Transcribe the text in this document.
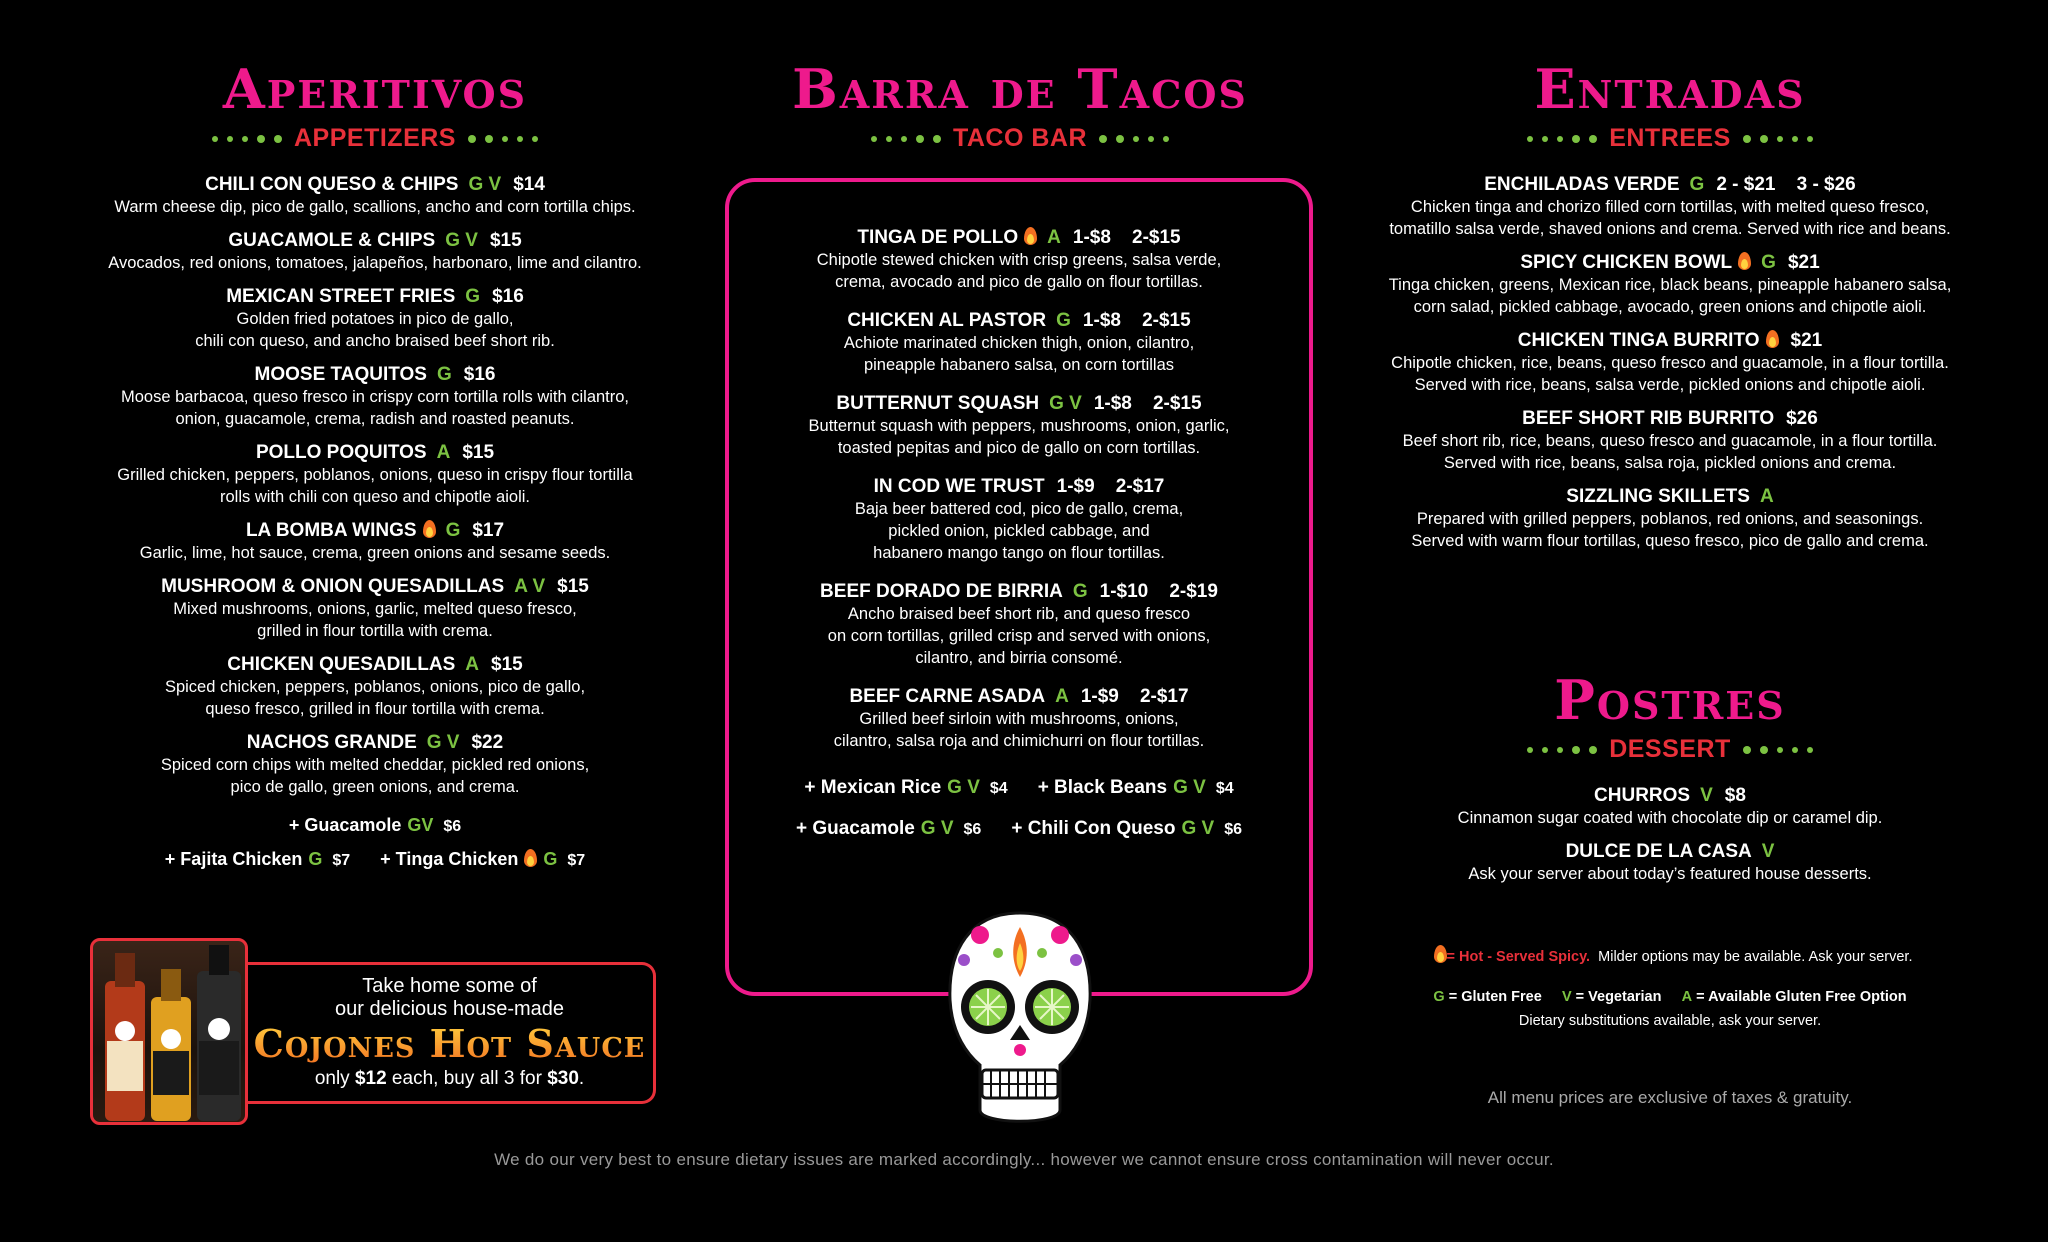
Aperitivos
APPETIZERS
CHILI CON QUESO & CHIPS G V $14
Warm cheese dip, pico de gallo, scallions, ancho and corn tortilla chips.
GUACAMOLE & CHIPS G V $15
Avocados, red onions, tomatoes, jalapeños, harbonaro, lime and cilantro.
MEXICAN STREET FRIES G $16
Golden fried potatoes in pico de gallo,
chili con queso, and ancho braised beef short rib.
MOOSE TAQUITOS G $16
Moose barbacoa, queso fresco in crispy corn tortilla rolls with cilantro,
onion, guacamole, crema, radish and roasted peanuts.
POLLO POQUITOS A $15
Grilled chicken, peppers, poblanos, onions, queso in crispy flour tortilla
rolls with chili con queso and chipotle aioli.
LA BOMBA WINGS G $17
Garlic, lime, hot sauce, crema, green onions and sesame seeds.
MUSHROOM & ONION QUESADILLAS A V $15
Mixed mushrooms, onions, garlic, melted queso fresco,
grilled in flour tortilla with crema.
CHICKEN QUESADILLAS A $15
Spiced chicken, peppers, poblanos, onions, pico de gallo,
queso fresco, grilled in flour tortilla with crema.
NACHOS GRANDE G V $22
Spiced corn chips with melted cheddar, pickled red onions,
pico de gallo, green onions, and crema.
+ Guacamole GV $6
+ Fajita Chicken G $7 + Tinga Chicken G $7
Barra de Tacos
TACO BAR
TINGA DE POLLO A 1-$8    2-$15
Chipotle stewed chicken with crisp greens, salsa verde,
crema, avocado and pico de gallo on flour tortillas.
CHICKEN AL PASTOR G 1-$8    2-$15
Achiote marinated chicken thigh, onion, cilantro,
pineapple habanero salsa, on corn tortillas
BUTTERNUT SQUASH G V 1-$8    2-$15
Butternut squash with peppers, mushrooms, onion, garlic,
toasted pepitas and pico de gallo on corn tortillas.
IN COD WE TRUST 1-$9    2-$17
Baja beer battered cod, pico de gallo, crema,
pickled onion, pickled cabbage, and
habanero mango tango on flour tortillas.
BEEF DORADO DE BIRRIA G 1-$10    2-$19
Ancho braised beef short rib, and queso fresco
on corn tortillas, grilled crisp and served with onions,
cilantro, and birria consomé.
BEEF CARNE ASADA A 1-$9    2-$17
Grilled beef sirloin with mushrooms, onions,
cilantro, salsa roja and chimichurri on flour tortillas.
+ Mexican Rice G V $4 + Black Beans G V $4
+ Guacamole G V $6 + Chili Con Queso G V $6
Take home some of
our delicious house-made
Cojones Hot Sauce
only $12 each, buy all 3 for $30.
Entradas
ENTREES
ENCHILADAS VERDE G 2 - $21    3 - $26
Chicken tinga and chorizo filled corn tortillas, with melted queso fresco,
tomatillo salsa verde, shaved onions and crema. Served with rice and beans.
SPICY CHICKEN BOWL G $21
Tinga chicken, greens, Mexican rice, black beans, pineapple habanero salsa,
corn salad, pickled cabbage, avocado, green onions and chipotle aioli.
CHICKEN TINGA BURRITO $21
Chipotle chicken, rice, beans, queso fresco and guacamole, in a flour tortilla.
Served with rice, beans, salsa verde, pickled onions and chipotle aioli.
BEEF SHORT RIB BURRITO $26
Beef short rib, rice, beans, queso fresco and guacamole, in a flour tortilla.
Served with rice, beans, salsa roja, pickled onions and crema.
SIZZLING SKILLETS A
Prepared with grilled peppers, poblanos, red onions, and seasonings.
Served with warm flour tortillas, queso fresco, pico de gallo and crema.
Postres
DESSERT
CHURROS V $8
Cinnamon sugar coated with chocolate dip or caramel dip.
DULCE DE LA CASA V
Ask your server about today’s featured house desserts.
= Hot - Served Spicy. Milder options may be available. Ask your server.
G = Gluten Free V = Vegetarian A = Available Gluten Free Option
Dietary substitutions available, ask your server.
All menu prices are exclusive of taxes & gratuity.
We do our very best to ensure dietary issues are marked accordingly... however we cannot ensure cross contamination will never occur.
